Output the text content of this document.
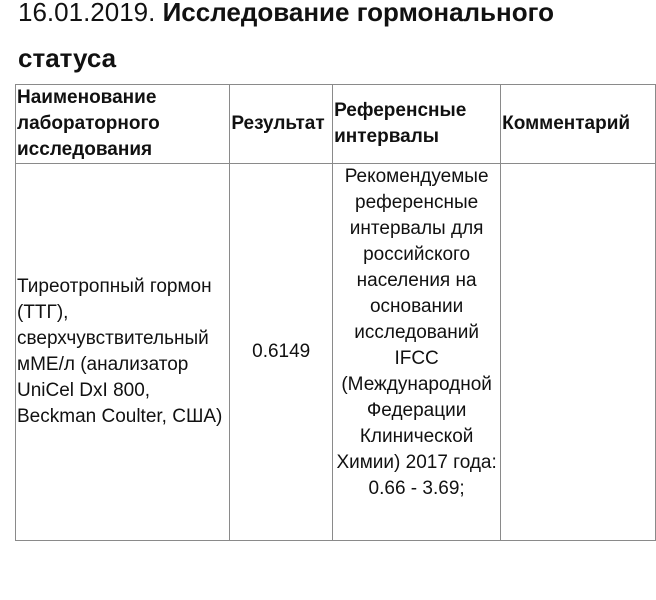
16.01.2019. Исследование гормонального
статуса
Наименование лабораторного исследования	Результат	Референсные интервалы	Комментарий
Тиреотропный гормон (ТТГ), сверхчувствительный мМЕ/л (анализатор UniCel DxI 800, Beckman Coulter, США)	0.6149	Рекомендуемые референсные интервалы для российского населения на основании исследований IFCC (Международной Федерации Клинической Химии) 2017 года: 0.66 - 3.69;	
